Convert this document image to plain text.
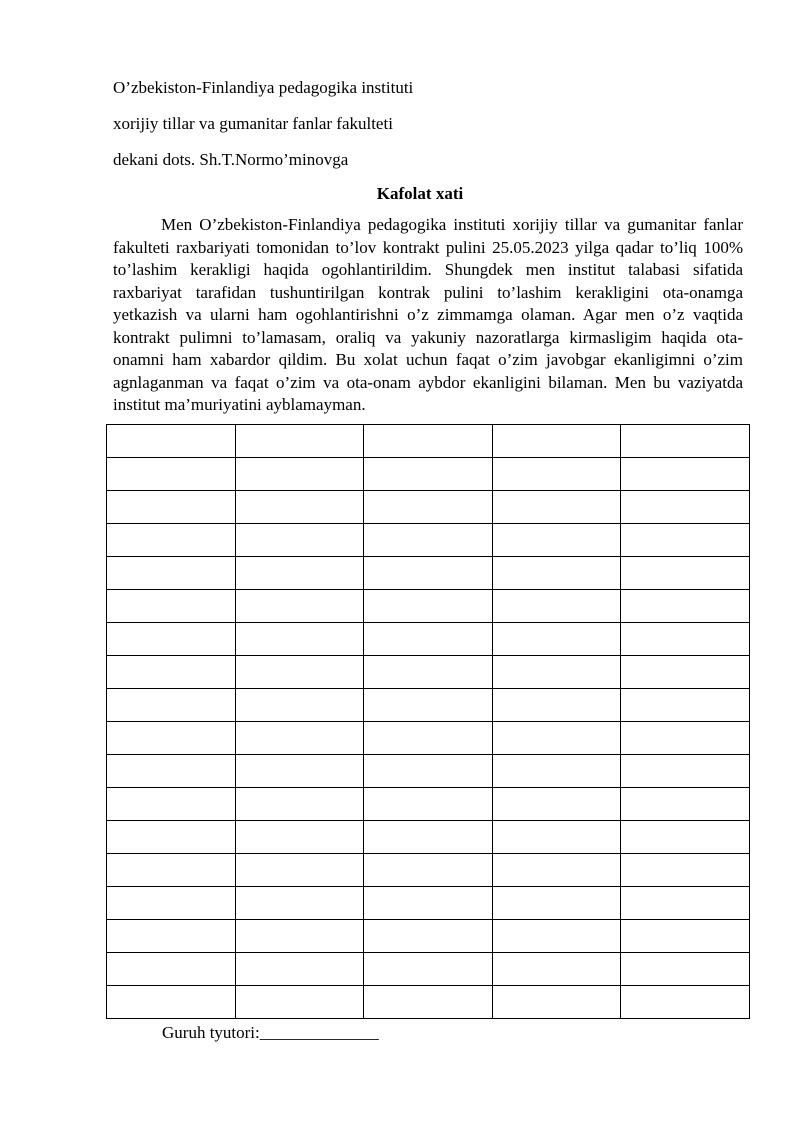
O’zbekiston-Finlandiya pedagogika instituti
xorijiy tillar va gumanitar fanlar fakulteti
dekani dots. Sh.T.Normo’minovga
Kafolat xati

Men O’zbekiston-Finlandiya pedagogika instituti xorijiy tillar va gumanitar fanlar fakulteti raxbariyati tomonidan to’lov kontrakt pulini 25.05.2023 yilga qadar to’liq 100% to’lashim kerakligi haqida ogohlantirildim. Shungdek men institut talabasi sifatida raxbariyat tarafidan tushuntirilgan kontrak pulini to’lashim kerakligini ota-onamga yetkazish va ularni ham ogohlantirishni o’z zimmamga olaman. Agar men o’z vaqtida kontrakt pulimni to’lamasam, oraliq va yakuniy nazoratlarga kirmasligim haqida ota-onamni ham xabardor qildim. Bu xolat uchun faqat o’zim javobgar ekanligimni o’zim agnlaganman va faqat o’zim va ota-onam aybdor ekanligini bilaman. Men bu vaziyatda institut ma’muriyatini ayblamayman.

Guruh tyutori:______________
